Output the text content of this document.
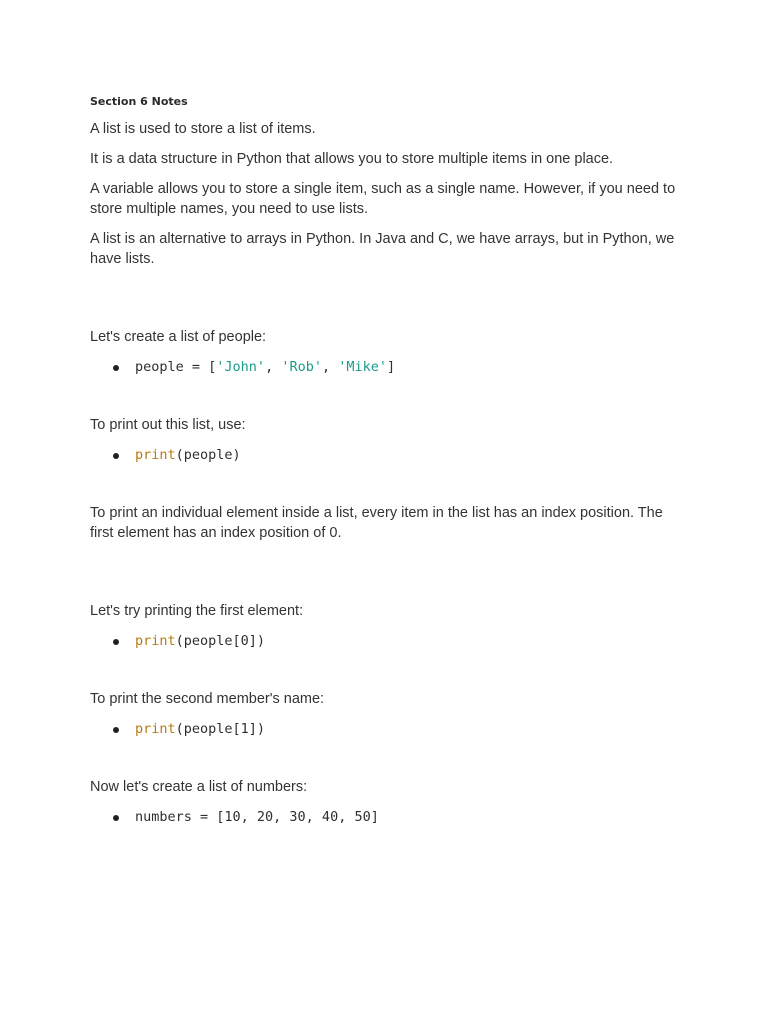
Section 6 Notes

A list is used to store a list of items.

It is a data structure in Python that allows you to store multiple items in one place.

A variable allows you to store a single item, such as a single name. However, if you need to store multiple names, you need to use lists.

A list is an alternative to arrays in Python. In Java and C, we have arrays, but in Python, we have lists.

Let's create a list of people:

people = ['John', 'Rob', 'Mike']

To print out this list, use:

print(people)

To print an individual element inside a list, every item in the list has an index position. The first element has an index position of 0.

Let's try printing the first element:

print(people[0])

To print the second member's name:

print(people[1])

Now let's create a list of numbers:

numbers = [10, 20, 30, 40, 50]
